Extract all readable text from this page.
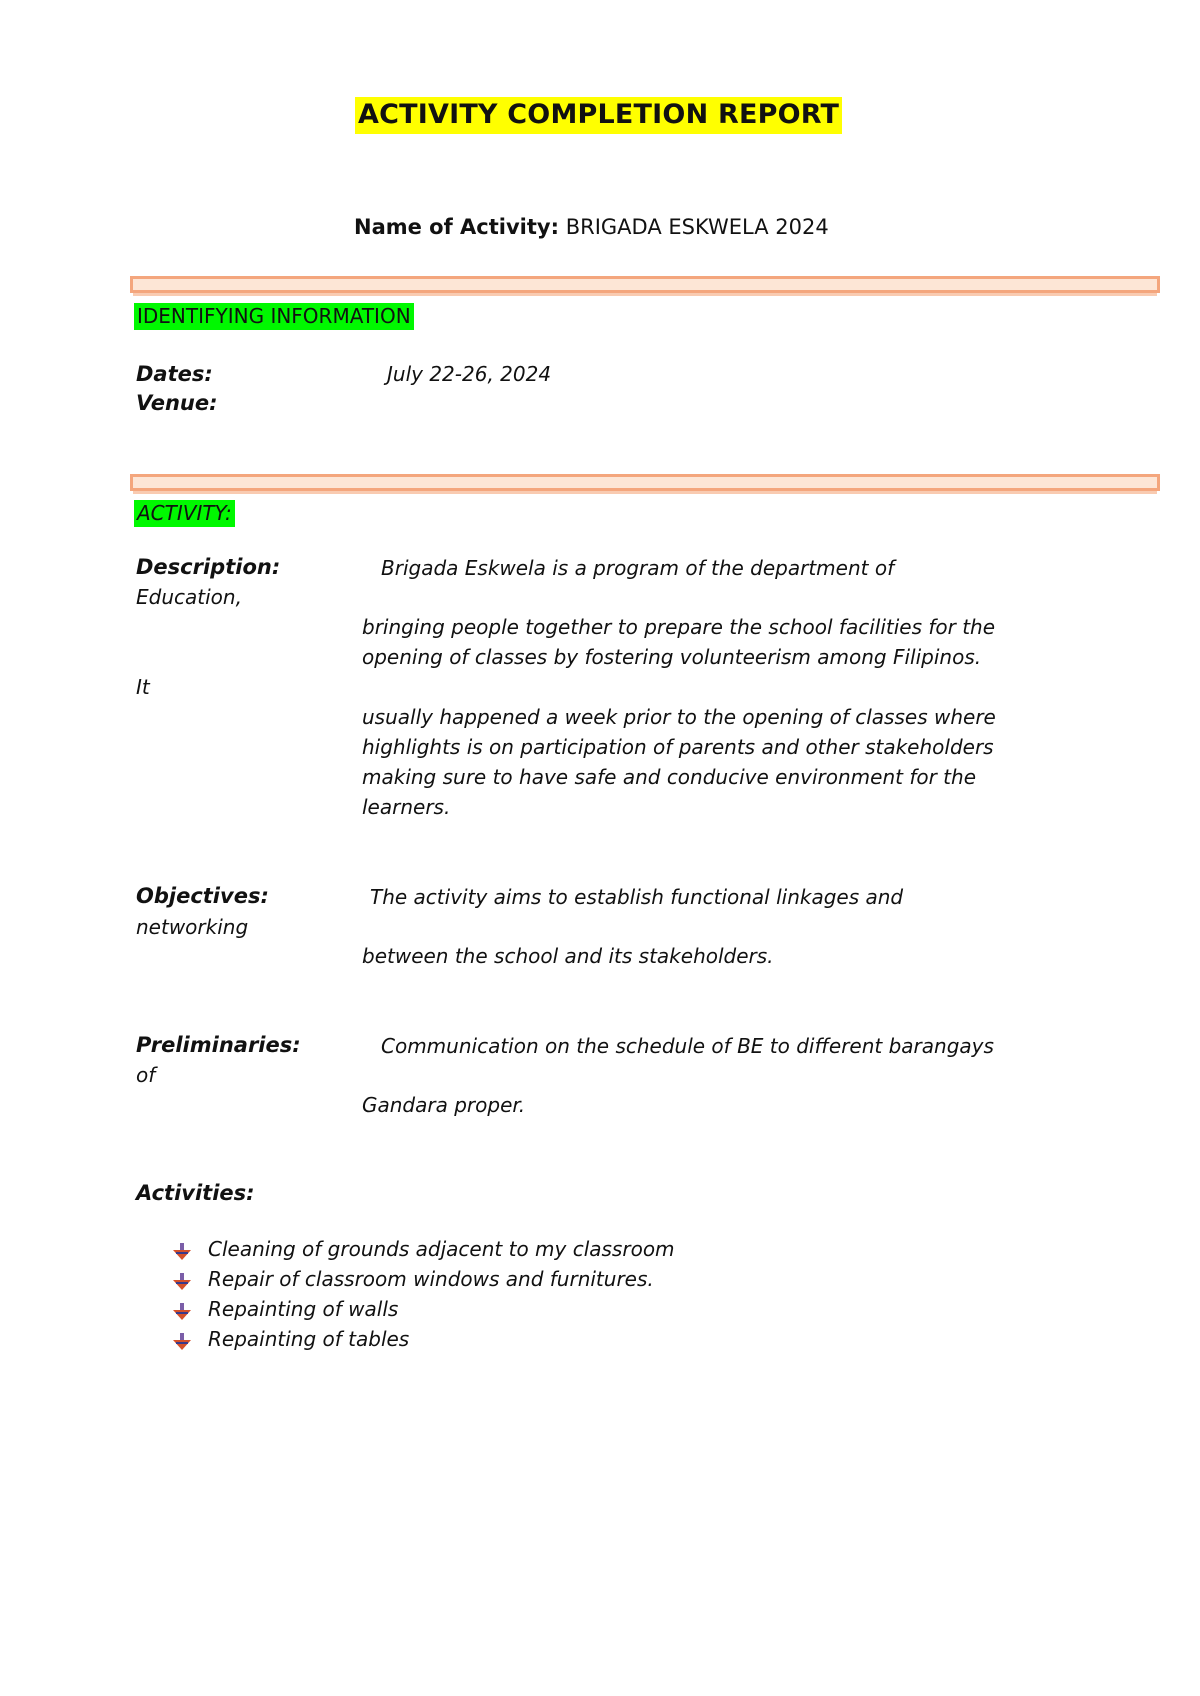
ACTIVITY COMPLETION REPORT
Name of Activity: BRIGADA ESKWELA 2024
IDENTIFYING INFORMATION
Dates:	July 22-26, 2024
Venue:
ACTIVITY:
Description:	Brigada Eskwela is a program of the department of
Education,
bringing people together to prepare the school facilities for the
opening of classes by fostering volunteerism among Filipinos.
It
usually happened a week prior to the opening of classes where
highlights is on participation of parents and other stakeholders
making sure to have safe and conducive environment for the
learners.
Objectives:	The activity aims to establish functional linkages and
networking
between the school and its stakeholders.
Preliminaries:	Communication on the schedule of BE to different barangays
of
Gandara proper.
Activities:
Cleaning of grounds adjacent to my classroom
Repair of classroom windows and furnitures.
Repainting of walls
Repainting of tables
